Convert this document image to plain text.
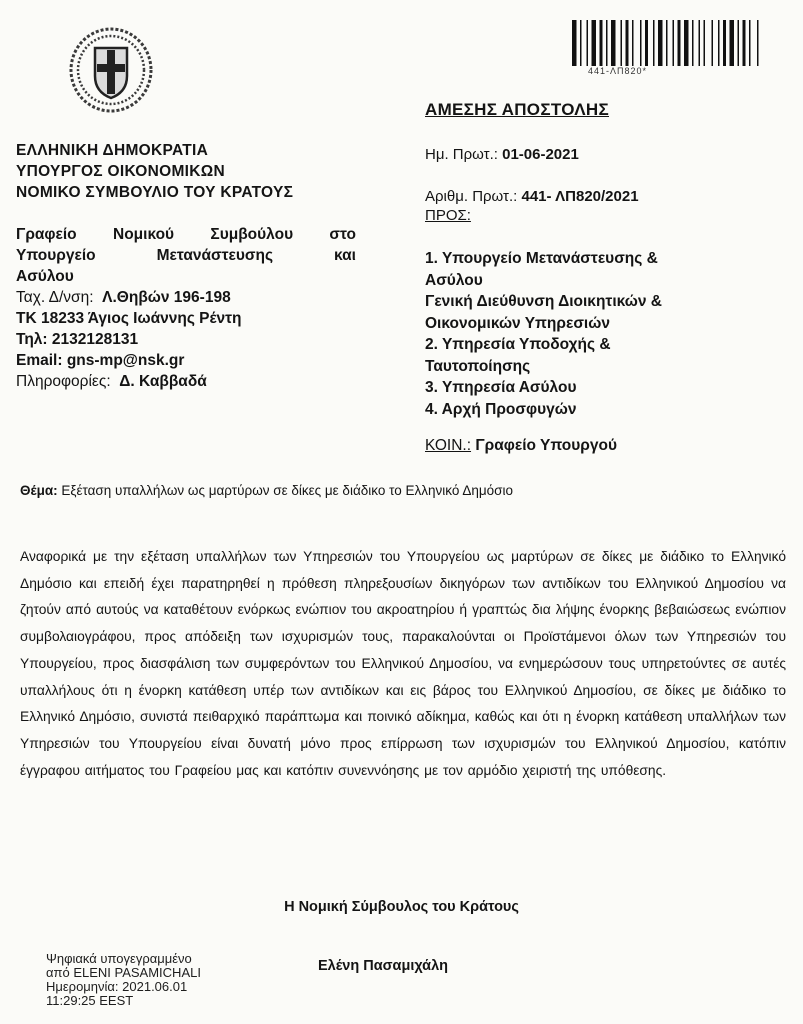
441-ΛΠ820*
ΑΜΕΣΗΣ ΑΠΟΣΤΟΛΗΣ
ΕΛΛΗΝΙΚΗ ΔΗΜΟΚΡΑΤΙΑ
ΥΠΟΥΡΓΟΣ ΟΙΚΟΝΟΜΙΚΩΝ
ΝΟΜΙΚΟ ΣΥΜΒΟΥΛΙΟ ΤΟΥ ΚΡΑΤΟΥΣ
Ημ. Πρωτ.: 01-06-2021
Αριθμ. Πρωτ.: 441- ΛΠ820/2021
ΠΡΟΣ:
Γραφείο Νομικού Συμβούλου στο
Υπουργείο Μετανάστευσης και
Ασύλου
Ταχ. Δ/νση: Λ.Θηβών 196-198
ΤΚ 18233 Άγιος Ιωάννης Ρέντη
Τηλ: 2132128131
Email: gns-mp@nsk.gr
Πληροφορίες: Δ. Καββαδά
1. Υπουργείο Μετανάστευσης &
Ασύλου
Γενική Διεύθυνση Διοικητικών &
Οικονομικών Υπηρεσιών
2. Υπηρεσία Υποδοχής &
Ταυτοποίησης
3. Υπηρεσία Ασύλου
4. Αρχή Προσφυγών
ΚΟΙΝ.: Γραφείο Υπουργού
Θέμα: Εξέταση υπαλλήλων ως μαρτύρων σε δίκες με διάδικο το Ελληνικό Δημόσιο
Αναφορικά με την εξέταση υπαλλήλων των Υπηρεσιών του Υπουργείου ως μαρτύρων σε δίκες με διάδικο το Ελληνικό Δημόσιο και επειδή έχει παρατηρηθεί η πρόθεση πληρεξουσίων δικηγόρων των αντιδίκων του Ελληνικού Δημοσίου να ζητούν από αυτούς να καταθέτουν ενόρκως ενώπιον του ακροατηρίου ή γραπτώς δια λήψης ένορκης βεβαιώσεως ενώπιον συμβολαιογράφου, προς απόδειξη των ισχυρισμών τους, παρακαλούνται οι Προϊστάμενοι όλων των Υπηρεσιών του Υπουργείου, προς διασφάλιση των συμφερόντων του Ελληνικού Δημοσίου, να ενημερώσουν τους υπηρετούντες σε αυτές υπαλλήλους ότι η ένορκη κατάθεση υπέρ των αντιδίκων και εις βάρος του Ελληνικού Δημοσίου, σε δίκες με διάδικο το Ελληνικό Δημόσιο, συνιστά πειθαρχικό παράπτωμα και ποινικό αδίκημα, καθώς και ότι η ένορκη κατάθεση υπαλλήλων των Υπηρεσιών του Υπουργείου είναι δυνατή μόνο προς επίρρωση των ισχυρισμών του Ελληνικού Δημοσίου, κατόπιν έγγραφου αιτήματος του Γραφείου μας και κατόπιν συνεννόησης με τον αρμόδιο χειριστή της υπόθεσης.
Η Νομική Σύμβουλος του Κράτους
Ελένη Πασαμιχάλη
Ψηφιακά υπογεγραμμένο
από ELENI PASAMICHALI
Ημερομηνία: 2021.06.01
11:29:25 EEST
